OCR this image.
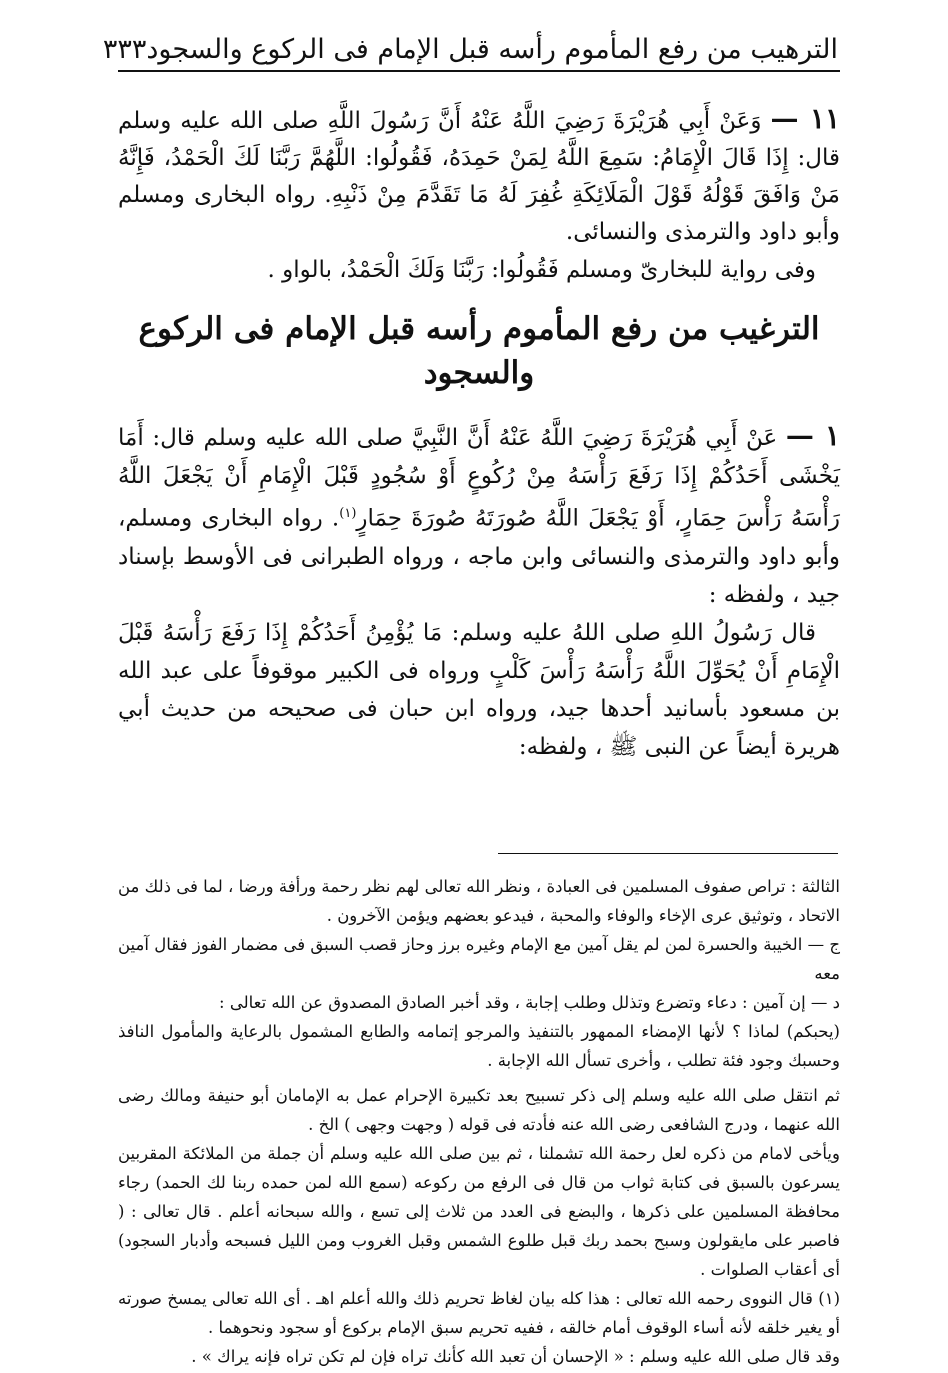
الترهيب من رفع المأموم رأسه قبل الإمام فى الركوع والسجود
٣٣٣

١١ — وَعَنْ أَبِي هُرَيْرَةَ رَضِيَ اللَّهُ عَنْهُ أَنَّ رَسُولَ اللَّهِ صلى الله عليه وسلم قال: إِذَا قَالَ الْإِمَامُ: سَمِعَ اللَّهُ لِمَنْ حَمِدَهُ، فَقُولُوا: اللَّهُمَّ رَبَّنَا لَكَ الْحَمْدُ، فَإِنَّهُ مَنْ وَافَقَ قَوْلُهُ قَوْلَ الْمَلَائِكَةِ غُفِرَ لَهُ مَا تَقَدَّمَ مِنْ ذَنْبِهِ. رواه البخارى ومسلم وأبو داود والترمذى والنسائى.

وفى رواية للبخارىّ ومسلم فَقُولُوا: رَبَّنَا وَلَكَ الْحَمْدُ، بالواو .

الترغيب من رفع المأموم رأسه قبل الإمام فى الركوع والسجود

١ — عَنْ أَبِي هُرَيْرَةَ رَضِيَ اللَّهُ عَنْهُ أَنَّ النَّبِيَّ صلى الله عليه وسلم قال: أَمَا يَخْشَى أَحَدُكُمْ إِذَا رَفَعَ رَأْسَهُ مِنْ رُكُوعٍ أَوْ سُجُودٍ قَبْلَ الْإِمَامِ أَنْ يَجْعَلَ اللَّهُ رَأْسَهُ رَأْسَ حِمَارٍ، أَوْ يَجْعَلَ اللَّهُ صُورَتَهُ صُورَةَ حِمَارٍ$^{(١)}$. رواه البخارى ومسلم، وأبو داود والترمذى والنسائى وابن ماجه ، ورواه الطبرانى فى الأوسط بإسناد جيد ، ولفظه :

قال رَسُولُ اللهِ صلى اللهُ عليه وسلم: مَا يُؤْمِنُ أَحَدُكُمْ إِذَا رَفَعَ رَأْسَهُ قَبْلَ الْإِمَامِ أَنْ يُحَوِّلَ اللَّهُ رَأْسَهُ رَأْسَ كَلْبٍ ورواه فى الكبير موقوفاً على عبد الله بن مسعود بأسانيد أحدها جيد، ورواه ابن حبان فى صحيحه من حديث أبي هريرة أيضاً عن النبى ﷺ ، ولفظه:

الثالثة : تراص صفوف المسلمين فى العبادة ، ونظر الله تعالى لهم نظر رحمة ورأفة ورضا ، لما فى ذلك من الاتحاد ، وتوثيق عرى الإخاء والوفاء والمحبة ، فيدعو بعضهم ويؤمن الآخرون .

ج — الخيبة والحسرة لمن لم يقل آمين مع الإمام وغيره برز وحاز قصب السبق فى مضمار الفوز فقال آمين معه

د — إن آمين : دعاء وتضرع وتذلل وطلب إجابة ، وقد أخبر الصادق المصدوق عن الله تعالى :

(يحبكم) لماذا ؟ لأنها الإمضاء الممهور بالتنفيذ والمرجو إتمامه والطابع المشمول بالرعاية والمأمول النافذ وحسبك وجود فئة تطلب ، وأخرى تسأل الله الإجابة .

ثم انتقل صلى الله عليه وسلم إلى ذكر تسبيح بعد تكبيرة الإحرام عمل به الإمامان أبو حنيفة ومالك رضى الله عنهما ، ودرج الشافعى رضى الله عنه فأدته فى قوله ( وجهت وجهى ) الخ .

ويأخى لامام من ذكره لعل رحمة الله تشملنا ، ثم بين صلى الله عليه وسلم أن جملة من الملائكة المقربين يسرعون بالسبق فى كتابة ثواب من قال فى الرفع من ركوعه (سمع الله لمن حمده ربنا لك الحمد) رجاء محافظة المسلمين على ذكرها ، والبضع فى العدد من ثلاث إلى تسع ، والله سبحانه أعلم . قال تعالى : ( فاصبر على مايقولون وسبح بحمد ربك قبل طلوع الشمس وقبل الغروب ومن الليل فسبحه وأدبار السجود) أى أعقاب الصلوات .

(١) قال النووى رحمه الله تعالى : هذا كله بيان لغاظ تحريم ذلك والله أعلم اهـ . أى الله تعالى يمسخ صورته أو يغير خلقه لأنه أساء الوقوف أمام خالقه ، ففيه تحريم سبق الإمام بركوع أو سجود ونحوهما .

وقد قال صلى الله عليه وسلم : « الإحسان أن تعبد الله كأنك تراه فإن لم تكن تراه فإنه يراك » .
